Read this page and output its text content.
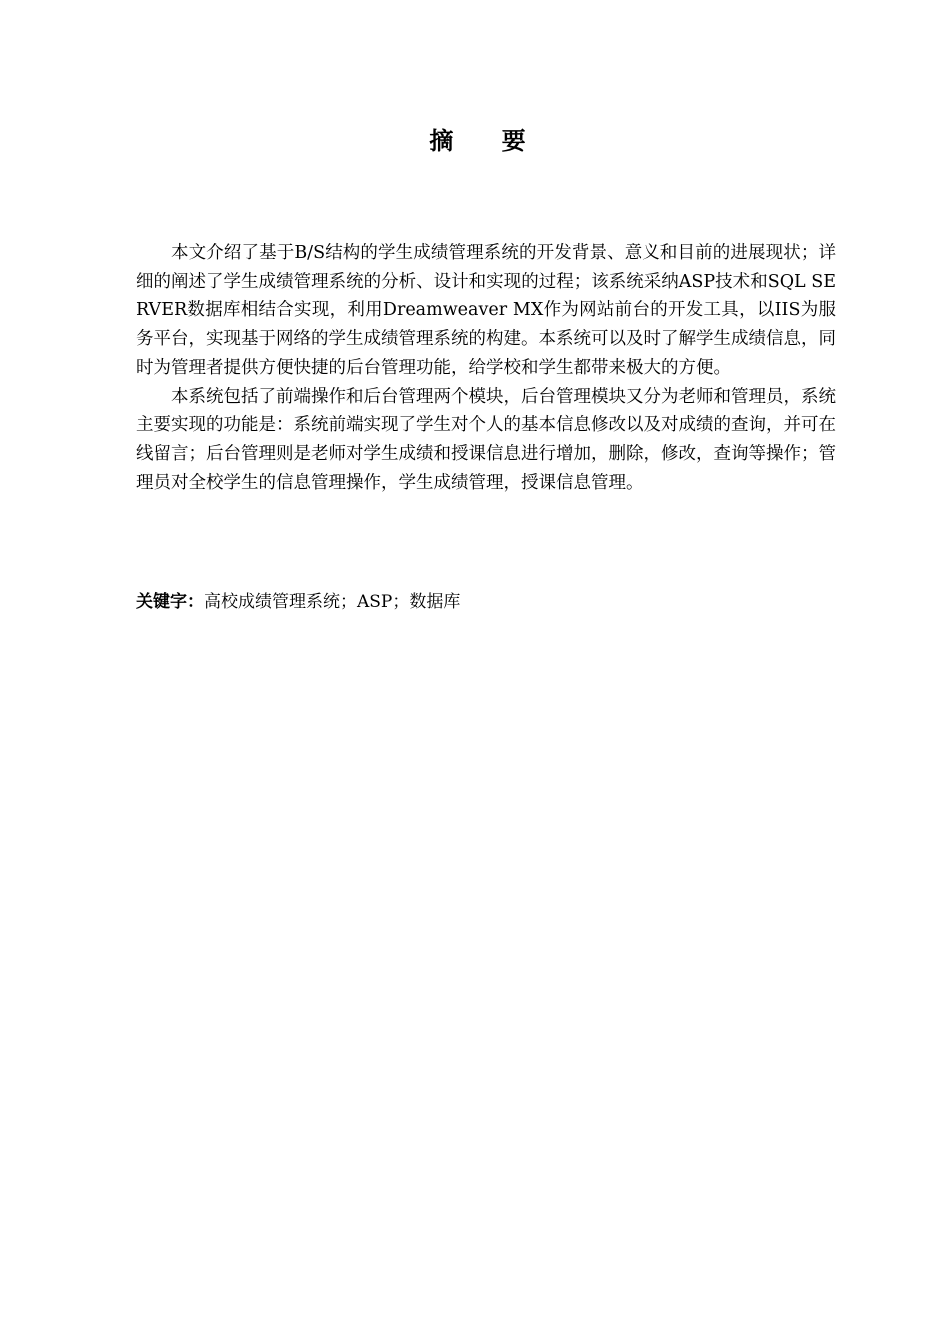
摘 要

本文介绍了基于B/S结构的学生成绩管理系统的开发背景、意义和目前的进展现状；详细的阐述了学生成绩管理系统的分析、设计和实现的过程；该系统采纳ASP技术和SQL SERVER数据库相结合实现，利用Dreamweaver MX作为网站前台的开发工具，以IIS为服务平台，实现基于网络的学生成绩管理系统的构建。本系统可以及时了解学生成绩信息，同时为管理者提供方便快捷的后台管理功能，给学校和学生都带来极大的方便。

本系统包括了前端操作和后台管理两个模块，后台管理模块又分为老师和管理员，系统主要实现的功能是：系统前端实现了学生对个人的基本信息修改以及对成绩的查询，并可在线留言；后台管理则是老师对学生成绩和授课信息进行增加，删除，修改，查询等操作；管理员对全校学生的信息管理操作，学生成绩管理，授课信息管理。

关键字：高校成绩管理系统；ASP；数据库
